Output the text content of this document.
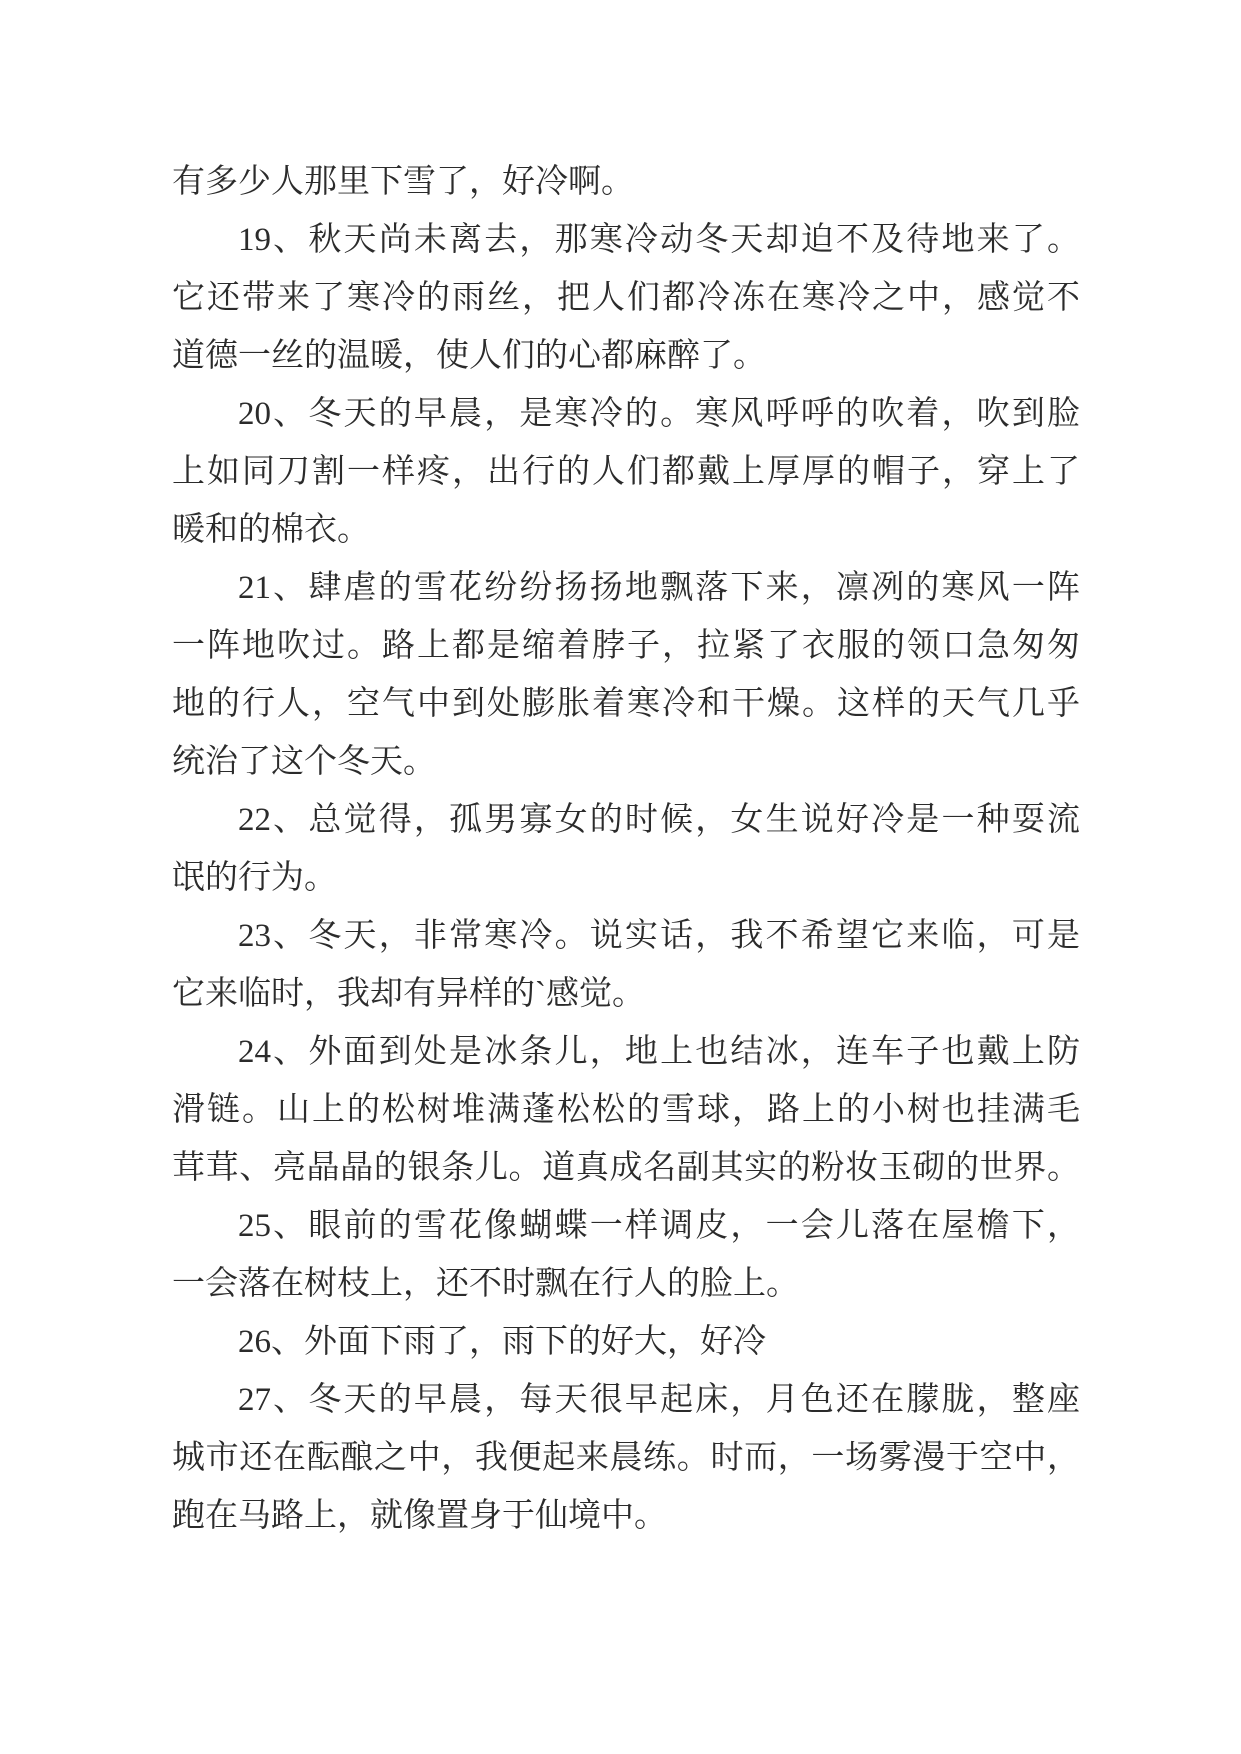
有多少人那里下雪了，好冷啊。
19、秋天尚未离去，那寒冷动冬天却迫不及待地来了。
它还带来了寒冷的雨丝，把人们都冷冻在寒冷之中，感觉不
道德一丝的温暖，使人们的心都麻醉了。
20、冬天的早晨，是寒冷的。寒风呼呼的吹着，吹到脸
上如同刀割一样疼，出行的人们都戴上厚厚的帽子，穿上了
暖和的棉衣。
21、肆虐的雪花纷纷扬扬地飘落下来，凛冽的寒风一阵
一阵地吹过。路上都是缩着脖子，拉紧了衣服的领口急匆匆
地的行人，空气中到处膨胀着寒冷和干燥。这样的天气几乎
统治了这个冬天。
22、总觉得，孤男寡女的时候，女生说好冷是一种耍流
氓的行为。
23、冬天，非常寒冷。说实话，我不希望它来临，可是
它来临时，我却有异样的`感觉。
24、外面到处是冰条儿，地上也结冰，连车子也戴上防
滑链。山上的松树堆满蓬松松的雪球，路上的小树也挂满毛
茸茸、亮晶晶的银条儿。道真成名副其实的粉妆玉砌的世界。
25、眼前的雪花像蝴蝶一样调皮，一会儿落在屋檐下，
一会落在树枝上，还不时飘在行人的脸上。
26、外面下雨了，雨下的好大，好冷
27、冬天的早晨，每天很早起床，月色还在朦胧，整座
城市还在酝酿之中，我便起来晨练。时而，一场雾漫于空中，
跑在马路上，就像置身于仙境中。
